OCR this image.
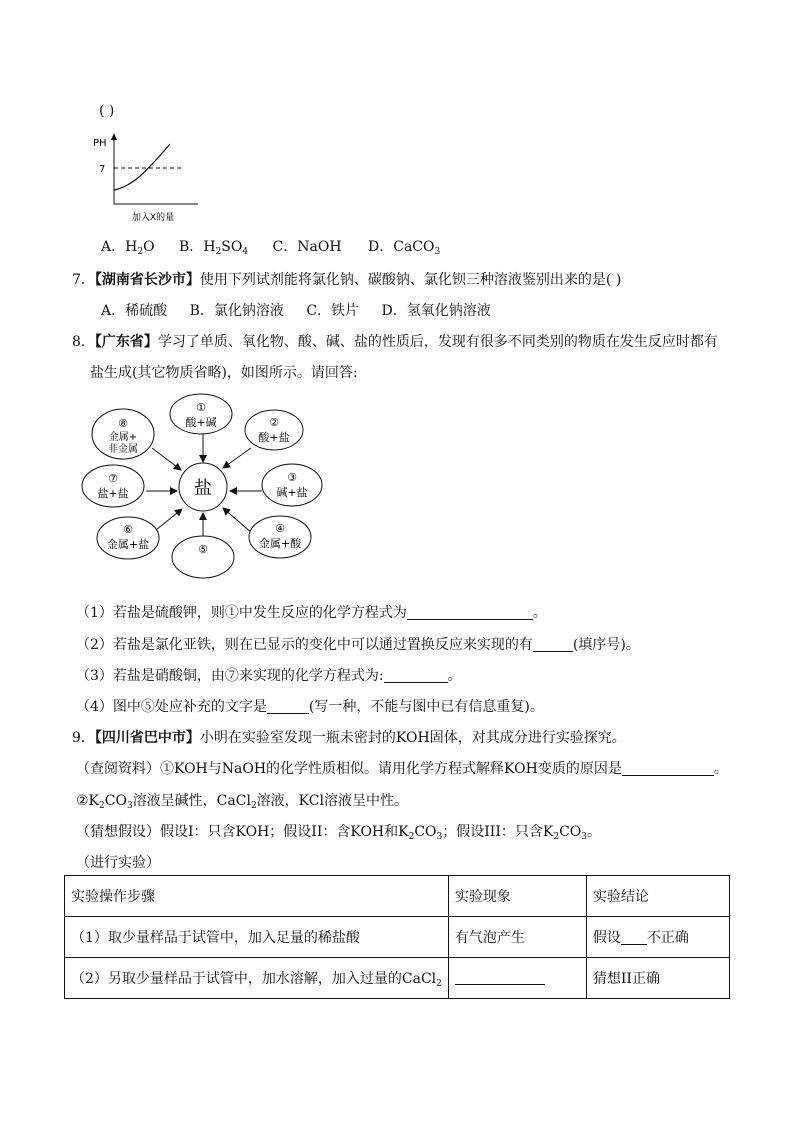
( )
PH
7
加入X的量
A．$H_2O$ B．$H_2SO_4$ C．NaOH D．CaCO$_3$
7．【湖南省长沙市】使用下列试剂能将氯化钠、碳酸钠、氯化钡三种溶液鉴别出来的是( )
A．稀硫酸 B．氯化钠溶液 C．铁片 D．氢氧化钠溶液
8．【广东省】学习了单质、氧化物、酸、碱、盐的性质后，发现有很多不同类别的物质在发生反应时都有
盐生成(其它物质省略)，如图所示。请回答:
盐
①
酸+碱	②
酸+盐
③
碱+盐
④
金属+酸
⑤
⑥
金属+盐
⑦
盐+盐
⑧
金属+
非金属
（1）若盐是硫酸钾，则①中发生反应的化学方程式为	。
（2）若盐是氯化亚铁，则在已显示的变化中可以通过置换反应来实现的有	(填序号)。
（3）若盐是硝酸铜，由⑦来实现的化学方程式为:	。
（4）图中⑤处应补充的文字是	(写一种，不能与图中已有信息重复)。
9．【四川省巴中市】小明在实验室发现一瓶未密封的KOH固体，对其成分进行实验探究。
（查阅资料）①KOH与NaOH的化学性质相似。请用化学方程式解释KOH变质的原因是	。
$②K_2CO_3$溶液呈碱性，CaCl$_2$溶液，KCl溶液呈中性。
（猜想假设）假设I：只含KOH；假设II：含KOH和$K_2CO_3$；假设III：只含$K_2CO_3$。
（进行实验）
实验操作步骤	实验现象	实验结论
（1）取少量样品于试管中，加入足量的稀盐酸	有气泡产生	假设 不正确
（2）另取少量样品于试管中，加水溶解，加入过量的CaCl$_2$		猜想II正确
